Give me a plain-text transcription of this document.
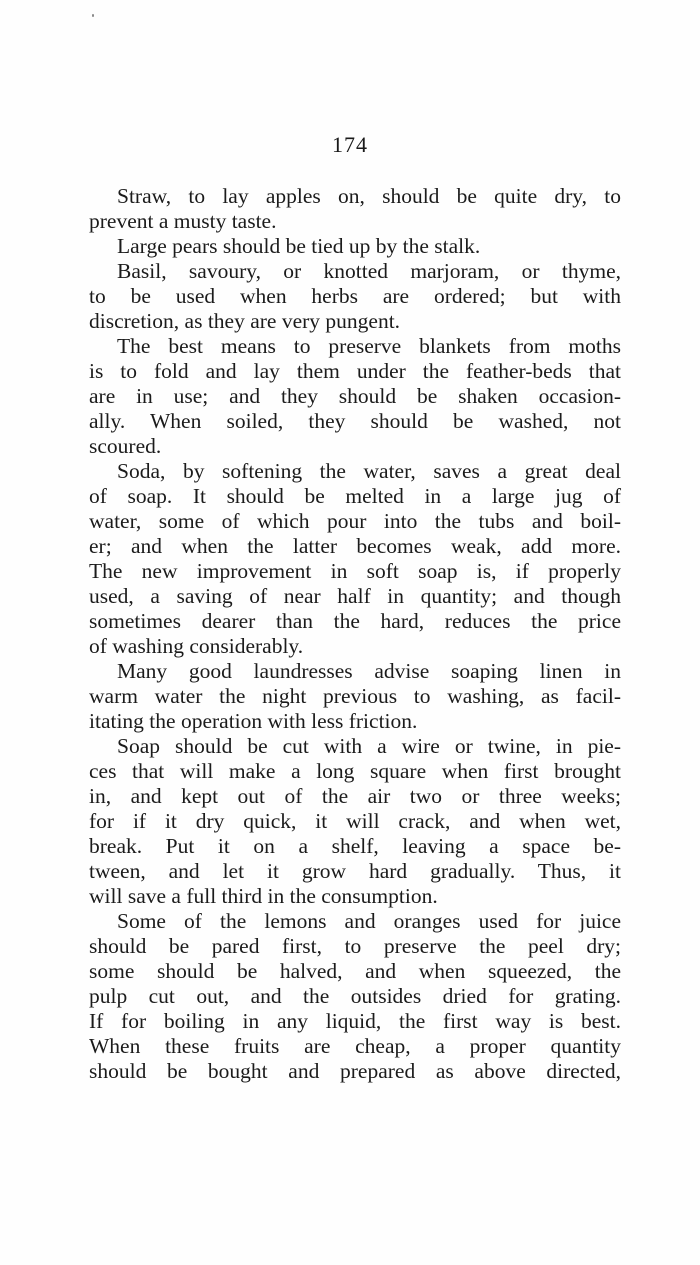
174
Straw, to lay apples on, should be quite dry, to
prevent a musty taste.
Large pears should be tied up by the stalk.
Basil, savoury, or knotted marjoram, or thyme,
to be used when herbs are ordered; but with
discretion, as they are very pungent.
The best means to preserve blankets from moths
is to fold and lay them under the feather-beds that
are in use; and they should be shaken occasion-
ally. When soiled, they should be washed, not
scoured.
Soda, by softening the water, saves a great deal
of soap. It should be melted in a large jug of
water, some of which pour into the tubs and boil-
er; and when the latter becomes weak, add more.
The new improvement in soft soap is, if properly
used, a saving of near half in quantity; and though
sometimes dearer than the hard, reduces the price
of washing considerably.
Many good laundresses advise soaping linen in
warm water the night previous to washing, as facil-
itating the operation with less friction.
Soap should be cut with a wire or twine, in pie-
ces that will make a long square when first brought
in, and kept out of the air two or three weeks;
for if it dry quick, it will crack, and when wet,
break. Put it on a shelf, leaving a space be-
tween, and let it grow hard gradually. Thus, it
will save a full third in the consumption.
Some of the lemons and oranges used for juice
should be pared first, to preserve the peel dry;
some should be halved, and when squeezed, the
pulp cut out, and the outsides dried for grating.
If for boiling in any liquid, the first way is best.
When these fruits are cheap, a proper quantity
should be bought and prepared as above directed,
